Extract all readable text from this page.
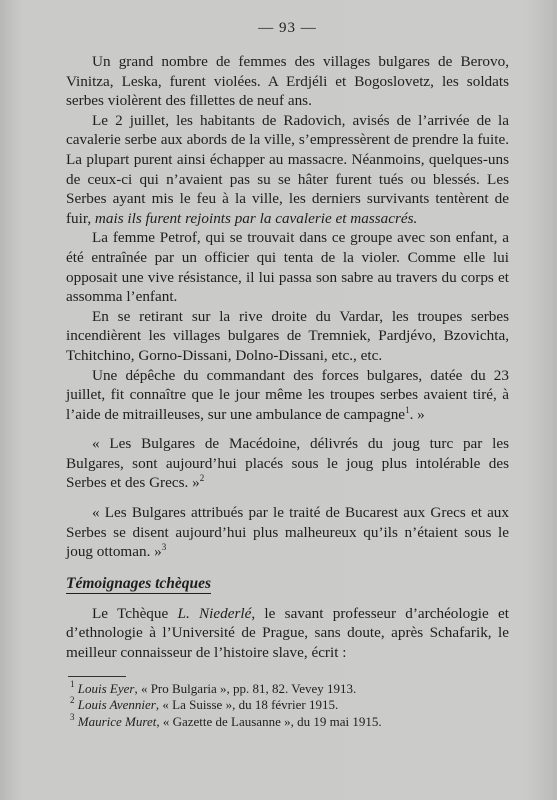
— 93 —

Un grand nombre de femmes des villages bulgares de Berovo, Vinitza, Leska, furent violées. A Erdjéli et Bogoslovetz, les soldats serbes violèrent des fillettes de neuf ans.

Le 2 juillet, les habitants de Radovich, avisés de l’arrivée de la cavalerie serbe aux abords de la ville, s’empressèrent de prendre la fuite. La plupart purent ainsi échapper au massacre. Néanmoins, quelques-uns de ceux-ci qui n’avaient pas su se hâter furent tués ou blessés. Les Serbes ayant mis le feu à la ville, les derniers survivants tentèrent de fuir, mais ils furent rejoints par la cavalerie et massacrés.

La femme Petrof, qui se trouvait dans ce groupe avec son enfant, a été entraînée par un officier qui tenta de la violer. Comme elle lui opposait une vive résistance, il lui passa son sabre au travers du corps et assomma l’enfant.

En se retirant sur la rive droite du Vardar, les troupes serbes incendièrent les villages bulgares de Tremniek, Pardjévo, Bzovichta, Tchitchino, Gorno-Dissani, Dolno-Dissani, etc., etc.

Une dépêche du commandant des forces bulgares, datée du 23 juillet, fit connaître que le jour même les troupes serbes avaient tiré, à l’aide de mitrailleuses, sur une ambulance de campagne$^1$. »

« Les Bulgares de Macédoine, délivrés du joug turc par les Bulgares, sont aujourd’hui placés sous le joug plus intolérable des Serbes et des Grecs. »$^2$

« Les Bulgares attribués par le traité de Bucarest aux Grecs et aux Serbes se disent aujourd’hui plus malheureux qu’ils n’étaient sous le joug ottoman. »$^3$

Témoignages tchèques

Le Tchèque L. Niederlé, le savant professeur d’archéologie et d’ethnologie à l’Université de Prague, sans doute, après Schafarik, le meilleur connaisseur de l’histoire slave, écrit :

$^1$ Louis Eyer, « Pro Bulgaria », pp. 81, 82. Vevey 1913.
$^2$ Louis Avennier, « La Suisse », du 18 février 1915.
$^3$ Maurice Muret, « Gazette de Lausanne », du 19 mai 1915.
